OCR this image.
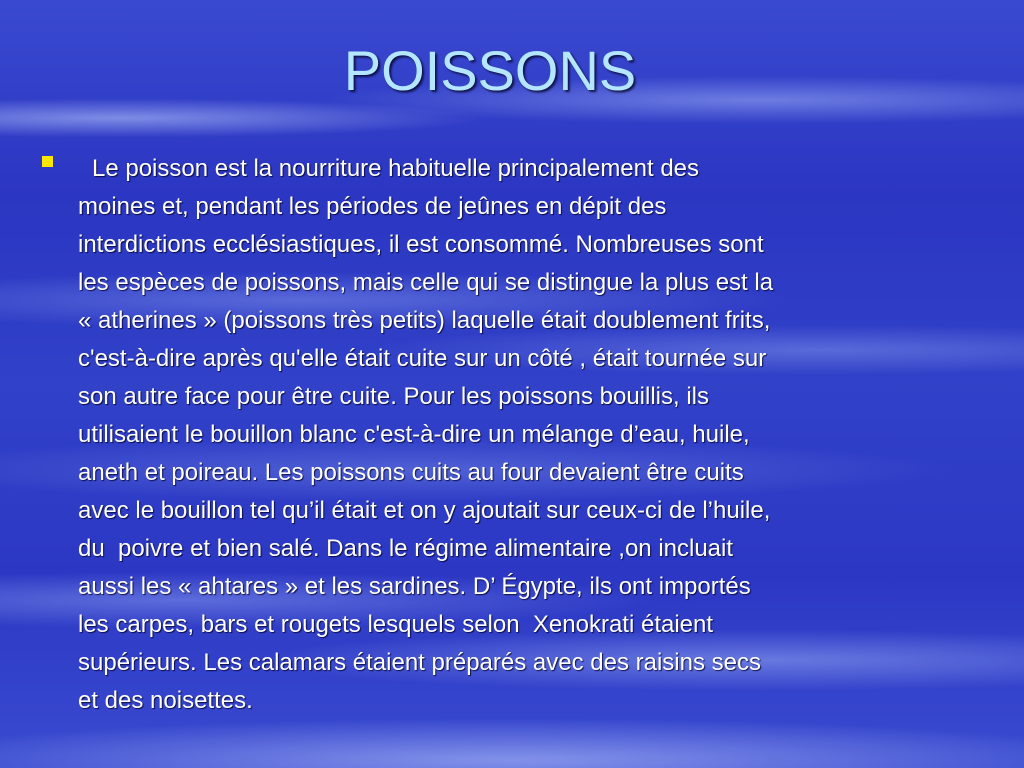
POISSONS
Le poisson est la nourriture habituelle principalement des
moines et, pendant les périodes de jeûnes en dépit des
interdictions ecclésiastiques, il est consommé. Nombreuses sont
les espèces de poissons, mais celle qui se distingue la plus est la
« atherines » (poissons très petits) laquelle était doublement frits,
c'est-à-dire après qu'elle était cuite sur un côté , était tournée sur
son autre face pour être cuite. Pour les poissons bouillis, ils
utilisaient le bouillon blanc c'est-à-dire un mélange d’eau, huile,
aneth et poireau. Les poissons cuits au four devaient être cuits
avec le bouillon tel qu’il était et on y ajoutait sur ceux-ci de l’huile,
du  poivre et bien salé. Dans le régime alimentaire ,on incluait
aussi les « ahtares » et les sardines. D’ Égypte, ils ont importés
les carpes, bars et rougets lesquels selon  Xenokrati étaient
supérieurs. Les calamars étaient préparés avec des raisins secs
et des noisettes.
